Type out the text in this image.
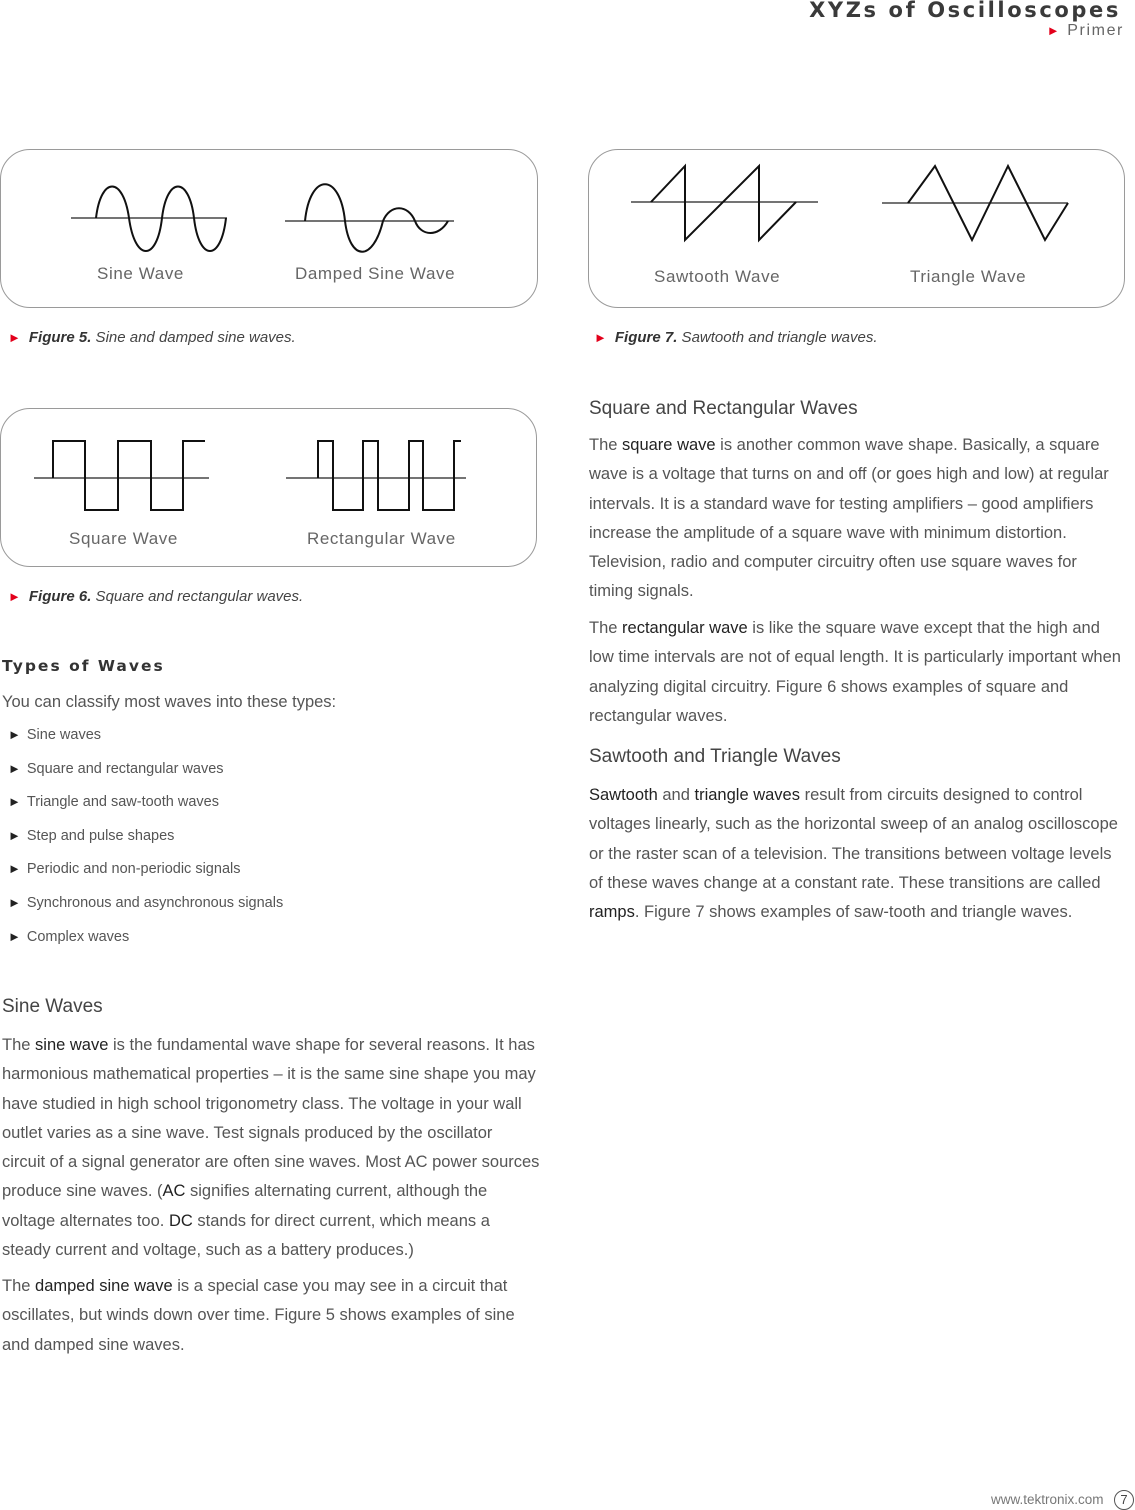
XYZs of Oscilloscopes
► Primer
Sine Wave	Damped Sine Wave
► Figure 5. Sine and damped sine waves.
Sawtooth Wave	Triangle Wave
► Figure 7. Sawtooth and triangle waves.
Square Wave	Rectangular Wave
► Figure 6. Square and rectangular waves.
Types of Waves
You can classify most waves into these types:
► Sine waves
► Square and rectangular waves
► Triangle and saw-tooth waves
► Step and pulse shapes
► Periodic and non-periodic signals
► Synchronous and asynchronous signals
► Complex waves
Sine Waves

The sine wave is the fundamental wave shape for several reasons. It has harmonious mathematical properties – it is the same sine shape you may have studied in high school trigonometry class. The voltage in your wall outlet varies as a sine wave. Test signals produced by the oscillator circuit of a signal generator are often sine waves. Most AC power sources produce sine waves. (AC signifies alternating current, although the voltage alternates too. DC stands for direct current, which means a steady current and voltage, such as a battery produces.)

The damped sine wave is a special case you may see in a circuit that oscillates, but winds down over time. Figure 5 shows examples of sine and damped sine waves.

Square and Rectangular Waves

The square wave is another common wave shape. Basically, a square wave is a voltage that turns on and off (or goes high and low) at regular intervals. It is a standard wave for testing amplifiers – good amplifiers increase the amplitude of a square wave with minimum distortion. Television, radio and computer circuitry often use square waves for timing signals.

The rectangular wave is like the square wave except that the high and low time intervals are not of equal length. It is particularly important when analyzing digital circuitry. Figure 6 shows examples of square and rectangular waves.

Sawtooth and Triangle Waves

Sawtooth and triangle waves result from circuits designed to control voltages linearly, such as the horizontal sweep of an analog oscilloscope or the raster scan of a television. The transitions between voltage levels of these waves change at a constant rate. These transitions are called ramps. Figure 7 shows examples of saw-tooth and triangle waves.

www.tektronix.com	7
